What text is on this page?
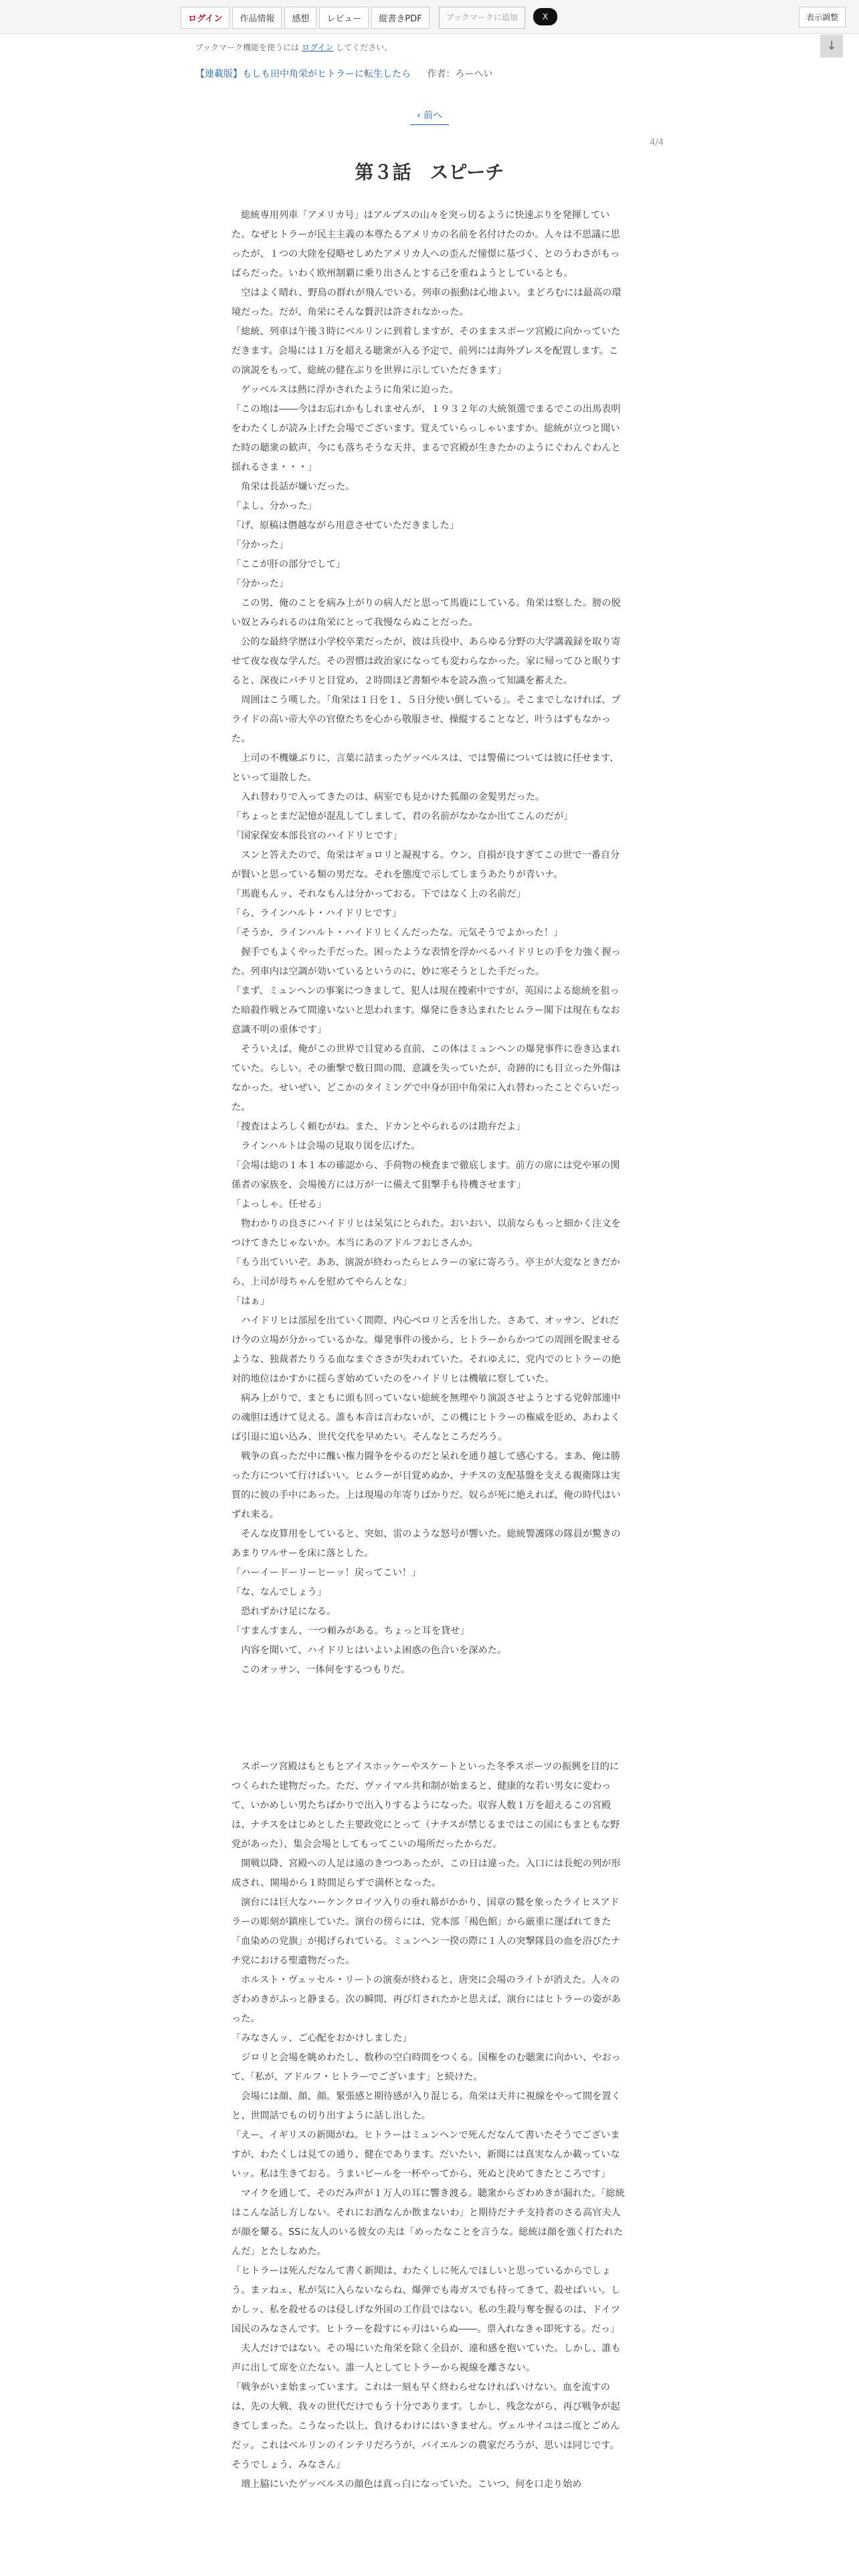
ログイン	作品情報	感想	レビュー	縦書きPDF	ブックマークに追加	X	表示調整
↓
ブックマーク機能を使うには ログイン してください。
【連載版】もしも田中角栄がヒトラーに転生したら 作者：ろーへい
‹ 前へ
4/4
第３話　スピーチ

　総統専用列車「アメリカ号」はアルプスの山々を突っ切るように快速ぶりを発揮していた。なぜヒトラーが民主主義の本尊たるアメリカの名前を名付けたのか。人々は不思議に思ったが、１つの大陸を侵略せしめたアメリカ人への歪んだ憧憬に基づく、とのうわさがもっぱらだった。いわく欧州制覇に乗り出さんとする己を重ねようとしているとも。

　空はよく晴れ、野鳥の群れが飛んでいる。列車の振動は心地よい。まどろむには最高の環境だった。だが、角栄にそんな贅沢は許されなかった。

「総統、列車は午後３時にベルリンに到着しますが、そのままスポーツ宮殿に向かっていただきます。会場には１万を超える聴衆が入る予定で、前列には海外プレスを配置します。この演説をもって、総統の健在ぶりを世界に示していただきます」

　ゲッベルスは熱に浮かされたように角栄に迫った。

「この地は――今はお忘れかもしれませんが、１９３２年の大統領選でまるでこの出馬表明をわたくしが読み上げた会場でございます。覚えていらっしゃいますか。総統が立つと聞いた時の聴衆の歓声、今にも落ちそうな天井、まるで宮殿が生きたかのようにぐわんぐわんと揺れるさま・・・」

　角栄は長話が嫌いだった。

「よし、分かった」

「げ、原稿は僭越ながら用意させていただきました」

「分かった」

「ここが肝の部分でして」

「分かった」

　この男、俺のことを病み上がりの病人だと思って馬鹿にしている。角栄は察した。膀の脱い奴とみられるのは角栄にとって我慢ならぬことだった。

　公的な最終学歴は小学校卒業だったが、彼は兵役中、あらゆる分野の大学講義録を取り寄せて夜な夜な学んだ。その習慣は政治家になっても変わらなかった。家に帰ってひと眠りすると、深夜にパチリと目覚め、２時間ほど書類や本を読み漁って知識を蓄えた。

　周囲はこう嘆した。「角栄は１日を１、５日分使い倒している」。そこまでしなければ、プライドの高い帝大卒の官僚たちを心から敬服させ、操縦することなど、叶うはずもなかった。

　上司の不機嫌ぶりに、言葉に詰まったゲッベルスは、では警備については彼に任せます、といって退散した。

　入れ替わりで入ってきたのは、病室でも見かけた狐顔の金髪男だった。

「ちょっとまだ記憶が混乱してしまして、君の名前がなかなか出てこんのだが」

「国家保安本部長官のハイドリヒです」

　スンと答えたので、角栄はギョロリと凝視する。ウン、自損が良すぎてこの世で一番自分が賢いと思っている類の男だな。それを態度で示してしまうあたりが青いナ。

「馬鹿もんッ、それなもんは分かっておる。下ではなく上の名前だ」

「ら、ラインハルト・ハイドリヒです」

「そうか、ラインハルト・ハイドリヒくんだったな。元気そうでよかった！」

　握手でもよくやった手だった。困ったような表情を浮かべるハイドリヒの手を力強く握った。列車内は空調が効いているというのに、妙に寒そうとした手だった。

「まず、ミュンヘンの事案につきまして、犯人は現在捜索中ですが、英国による総統を狙った暗殺作戦とみて間違いないと思われます。爆発に巻き込まれたヒムラー閣下は現在もなお意識不明の重体です」

　そういえば、俺がこの世界で目覚める直前、この体はミュンヘンの爆発事件に巻き込まれていた。らしい。その衝撃で数日間の間、意識を失っていたが、奇跡的にも目立った外傷はなかった。せいぜい、どこかのタイミングで中身が田中角栄に入れ替わったことぐらいだった。

「捜査はよろしく頼むがね。また、ドカンとやられるのは勘弁だよ」

　ラインハルトは会場の見取り図を広げた。

「会場は総の１本１本の確認から、手荷物の検査まで徹底します。前方の席には党や軍の関係者の家族を、会場後方には万が一に備えて狙撃手も待機させます」

「よっしゃ。任せる」

　物わかりの良さにハイドリヒは呆気にとられた。おいおい、以前ならもっと細かく注文をつけてきたじゃないか。本当にあのアドルフおじさんか。

「もう出ていいぞ。ああ、演説が終わったらヒムラーの家に寄ろう。亭主が大変なときだから、上司が母ちゃんを慰めてやらんとな」

「はぁ」

　ハイドリヒは部屋を出ていく間際、内心ペロリと舌を出した。さあて、オッサン、どれだけ今の立場が分かっているかな。爆発事件の後から、ヒトラーからかつての周囲を睨ませるような、独裁者たりうる血なまぐささが失われていた。それゆえに、党内でのヒトラーの絶対的地位はかすかに揺らぎ始めていたのをハイドリヒは機敏に察していた。

　病み上がりで、まともに頭も回っていない総統を無理やり演説させようとする党幹部連中の魂胆は透けて見える。誰も本音は言わないが、この機にヒトラーの権威を貶め、あわよくば引退に追い込み、世代交代を早めたい。そんなところだろう。

　戦争の真っただ中に醜い権力闘争をやるのだと呆れを通り越して感心する。まあ、俺は勝った方について行けばいい。ヒムラーが目覚めぬか、ナチスの支配基盤を支える親衛隊は実質的に彼の手中にあった。上は現場の年寄りばかりだ。奴らが死に絶えれば、俺の時代はいずれ来る。

　そんな皮算用をしていると、突如、雷のような怒号が響いた。総統警護隊の隊員が驚きのあまりワルサーを床に落とした。

「ハーイードーリーヒーッ！戻ってこい！」

「な、なんでしょう」

　恐れずかけ足になる。

「すまんすまん、一つ頼みがある。ちょっと耳を貸せ」

　内容を聞いて、ハイドリヒはいよいよ困惑の色合いを深めた。

　このオッサン、一体何をするつもりだ。

　スポーツ宮殿はもともとアイスホッケーやスケートといった冬季スポーツの振興を目的につくられた建物だった。ただ、ヴァイマル共和制が始まると、健康的な若い男女に変わって、いかめしい男たちばかりで出入りするようになった。収容人数１万を超えるこの宮殿は、ナチスをはじめとした主要政党にとって（ナチスが禁じるまではこの国にもまともな野党があった）、集会会場としてもってこいの場所だったからだ。

　開戦以降、宮殿への人足は遠のきつつあったが、この日は違った。入口には長蛇の列が形成され、開場から１時間足らずで満杯となった。

　演台には巨大なハーケンクロイツ入りの垂れ幕がかかり、国章の鷲を象ったライヒスアドラーの彫刻が鎮座していた。演台の傍らには、党本部「褐色館」から厳重に運ばれてきた「血染めの党旗」が掲げられている。ミュンヘン一揆の際に１人の突撃隊員の血を浴びたナチ党における聖遺物だった。

　ホルスト・ヴェッセル・リートの演奏が終わると、唐突に会場のライトが消えた。人々のざわめきがふっと静まる。次の瞬間、再び灯されたかと思えば、演台にはヒトラーの姿があった。

「みなさんッ、ご心配をおかけしました」

　ジロリと会場を眺めわたし、数秒の空白時間をつくる。国権をのむ聴衆に向かい、やおって、「私が、アドルフ・ヒトラーでございます」と続けた。

　会場には顔、顔、顔。緊張感と期待感が入り混じる。角栄は天井に視線をやって間を置くと、世間話でもの切り出すように話し出した。

「えー、イギリスの新聞がね。ヒトラーはミュンヘンで死んだなんて書いたそうでございますが、わたくしは見ての通り、健在であります。だいたい、新聞には真実なんか載っていないッ。私は生きておる。うまいビールを一杯やってから、死ぬと決めてきたところです」

　マイクを通して、そのだみ声が１万人の耳に響き渡る。聴衆からざわめきが漏れた。「総統はこんな話し方しない。それにお酒なんか飲まないわ」と期待だナチ支持者のさる高官夫人が顔を顰る。SSに友人のいる彼女の夫は「めったなことを言うな。総統は顔を強く打たれたんだ」とたしなめた。

「ヒトラーは死んだなんて書く新聞は、わたくしに死んでほしいと思っているからでしょう。まァねェ、私が気に入らないならね、爆弾でも毒ガスでも持ってきて、殺せばいい。しかしッ、私を殺せるのは侵しげな外国の工作員ではない。私の生殺与奪を握るのは、ドイツ国民のみなさんです。ヒトラーを殺すにゃ刃はいらぬ――。票入れなきゃ即死する。だっ」

　夫人だけではない。その場にいた角栄を除く全員が、違和感を抱いていた。しかし、誰も声に出して席を立たない。誰一人としてヒトラーから視線を離さない。

「戦争がいま始まっています。これは一刻も早く終わらせなければいけない。血を流すのは、先の大戦、我々の世代だけでもう十分であります。しかし、残念ながら、再び戦争が起きてしまった。こうなった以上、負けるわけにはいきません。ヴェルサイユはニ度とごめんだッ。これはベルリンのインテリだろうが、バイエルンの農家だろうが、思いは同じです。そうでしょう、みなさん」

　壇上脇にいたゲッベルスの顔色は真っ白になっていた。こいつ、何を口走り始め
